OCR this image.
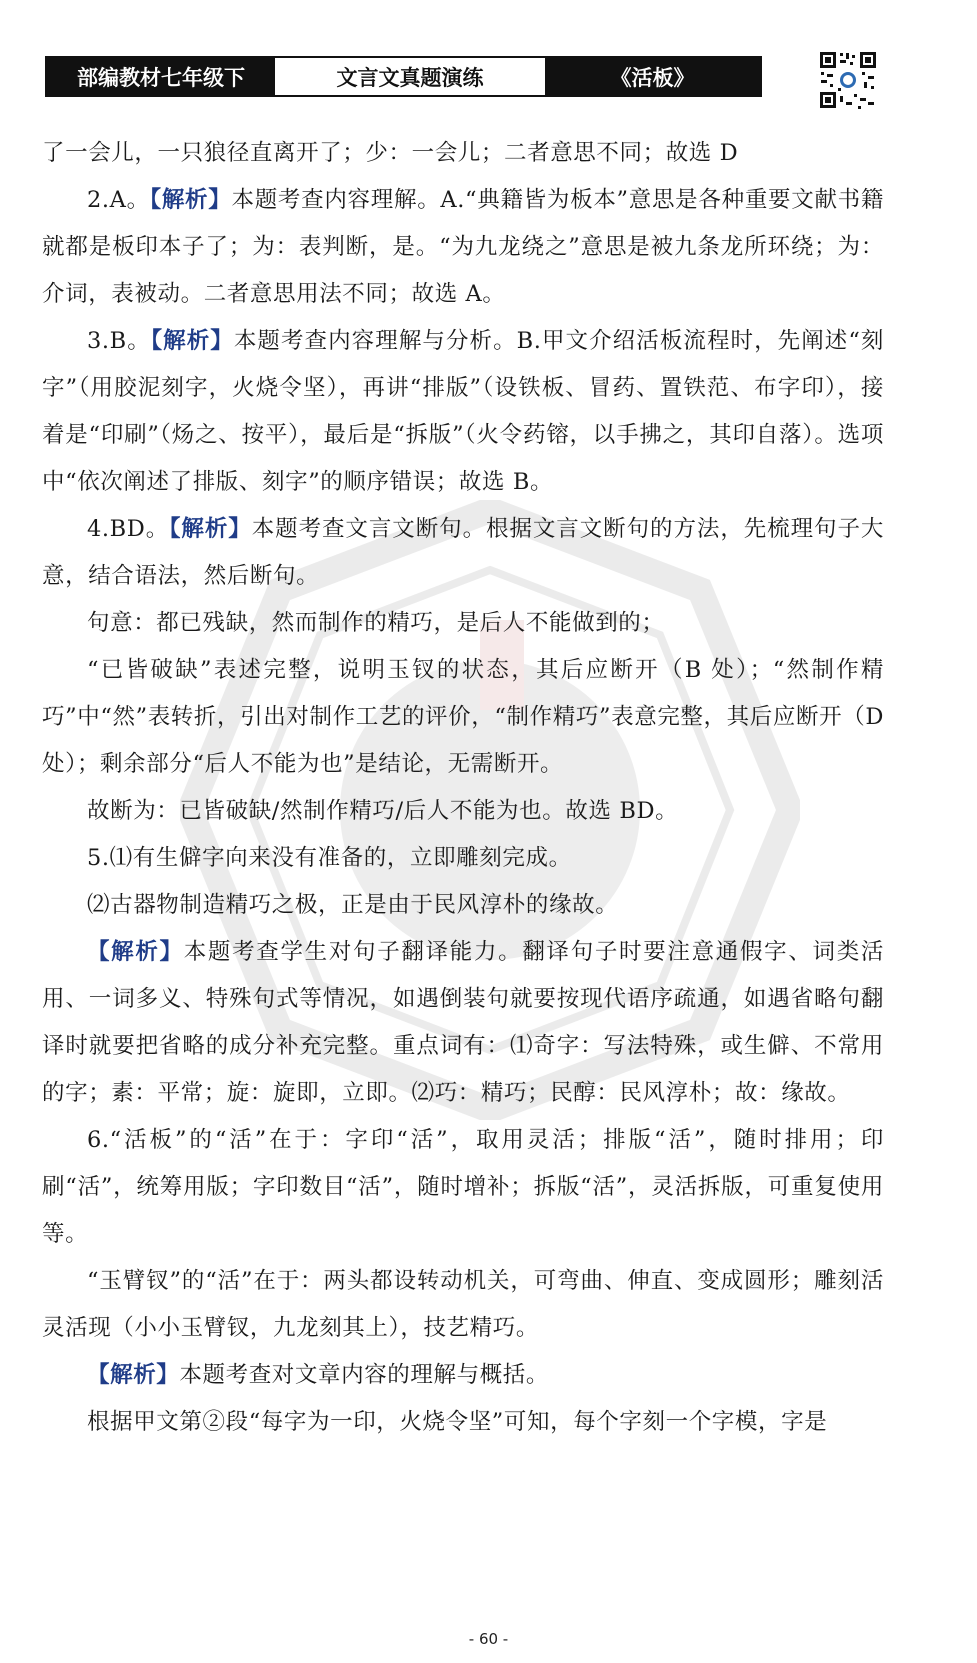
部编教材七年级下	文言文真题演练	《活板》

了一会儿，一只狼径直离开了；少：一会儿；二者意思不同；故选 D

2.A。【解析】本题考查内容理解。A.“典籍皆为板本”意思是各种重要文献书籍就都是板印本子了；为：表判断，是。“为九龙绕之”意思是被九条龙所环绕；为：介词，表被动。二者意思用法不同；故选 A。

3.B。【解析】本题考查内容理解与分析。B.甲文介绍活板流程时，先阐述“刻字”（用胶泥刻字，火烧令坚），再讲“排版”（设铁板、冒药、置铁范、布字印），接着是“印刷”（炀之、按平），最后是“拆版”（火令药镕，以手拂之，其印自落）。选项中“依次阐述了排版、刻字”的顺序错误；故选 B。

4.BD。【解析】本题考查文言文断句。根据文言文断句的方法，先梳理句子大意，结合语法，然后断句。

句意：都已残缺，然而制作的精巧，是后人不能做到的；

“已皆破缺”表述完整，说明玉钗的状态，其后应断开（B 处）；“然制作精巧”中“然”表转折，引出对制作工艺的评价，“制作精巧”表意完整，其后应断开（D 处）；剩余部分“后人不能为也”是结论，无需断开。

故断为：已皆破缺/然制作精巧/后人不能为也。故选 BD。

5.⑴有生僻字向来没有准备的，立即雕刻完成。

⑵古器物制造精巧之极，正是由于民风淳朴的缘故。

【解析】本题考查学生对句子翻译能力。翻译句子时要注意通假字、词类活用、一词多义、特殊句式等情况，如遇倒装句就要按现代语序疏通，如遇省略句翻译时就要把省略的成分补充完整。重点词有：⑴奇字：写法特殊，或生僻、不常用的字；素：平常；旋：旋即，立即。⑵巧：精巧；民醇：民风淳朴；故：缘故。

6.“活板”的“活”在于：字印“活”，取用灵活；排版“活”，随时排用；印刷“活”，统筹用版；字印数目“活”，随时增补；拆版“活”，灵活拆版，可重复使用等。

“玉臂钗”的“活”在于：两头都设转动机关，可弯曲、伸直、变成圆形；雕刻活灵活现（小小玉臂钗，九龙刻其上），技艺精巧。

【解析】本题考查对文章内容的理解与概括。

根据甲文第②段“每字为一印，火烧令坚”可知，每个字刻一个字模，字是

- 60 -
